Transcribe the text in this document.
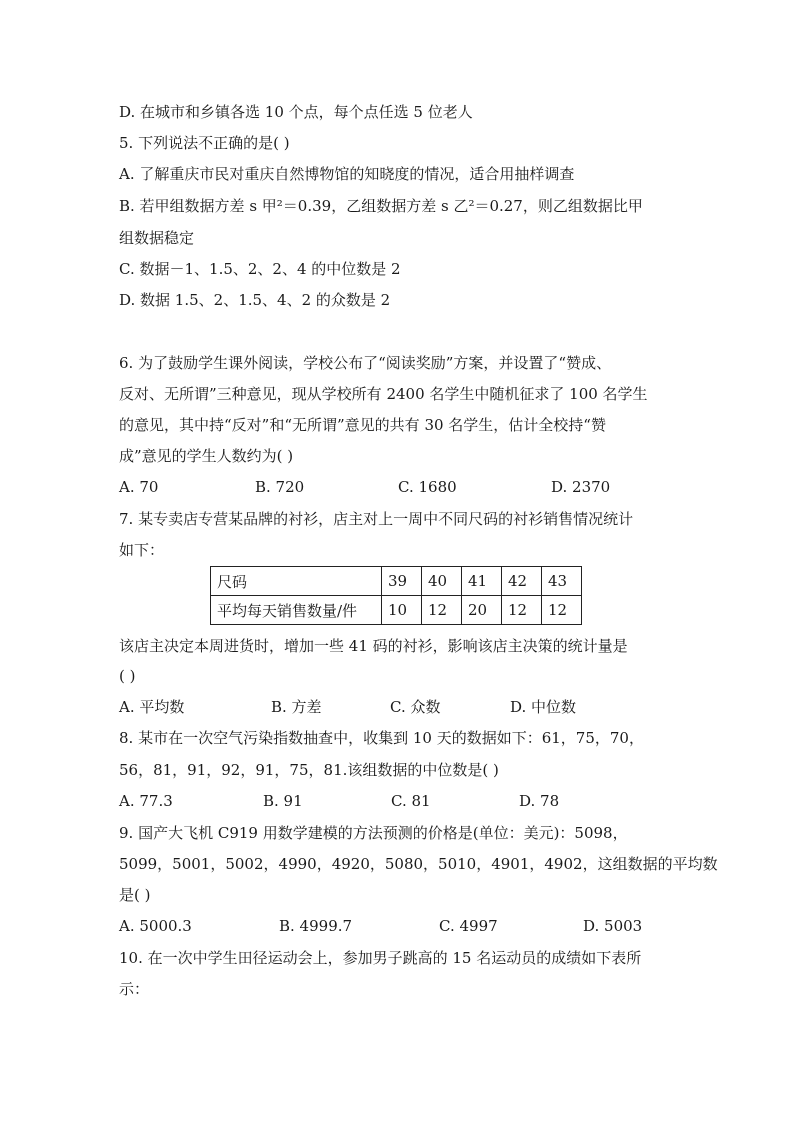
D. 在城市和乡镇各选 10 个点，每个点任选 5 位老人
5. 下列说法不正确的是( )
A. 了解重庆市民对重庆自然博物馆的知晓度的情况，适合用抽样调查
B. 若甲组数据方差 s 甲²＝0.39，乙组数据方差 s 乙²＝0.27，则乙组数据比甲
组数据稳定
C. 数据－1、1.5、2、2、4 的中位数是 2
D. 数据 1.5、2、1.5、4、2 的众数是 2
6. 为了鼓励学生课外阅读，学校公布了“阅读奖励”方案，并设置了“赞成、
反对、无所谓”三种意见，现从学校所有 2400 名学生中随机征求了 100 名学生
的意见，其中持“反对”和“无所谓”意见的共有 30 名学生，估计全校持“赞
成”意见的学生人数约为( )
A. 70	B. 720	C. 1680	D. 2370
7. 某专卖店专营某品牌的衬衫，店主对上一周中不同尺码的衬衫销售情况统计
如下：
尺码	39	40	41	42	43
平均每天销售数量/件	10	12	20	12	12
该店主决定本周进货时，增加一些 41 码的衬衫，影响该店主决策的统计量是
( )
A. 平均数	B. 方差	C. 众数	D. 中位数
8. 某市在一次空气污染指数抽查中，收集到 10 天的数据如下：61，75，70，
56，81，91，92，91，75，81.该组数据的中位数是( )
A. 77.3	B. 91	C. 81	D. 78
9. 国产大飞机 C919 用数学建模的方法预测的价格是(单位：美元)：5098，
5099，5001，5002，4990，4920，5080，5010，4901，4902，这组数据的平均数
是( )
A. 5000.3	B. 4999.7	C. 4997	D. 5003
10. 在一次中学生田径运动会上，参加男子跳高的 15 名运动员的成绩如下表所
示：
